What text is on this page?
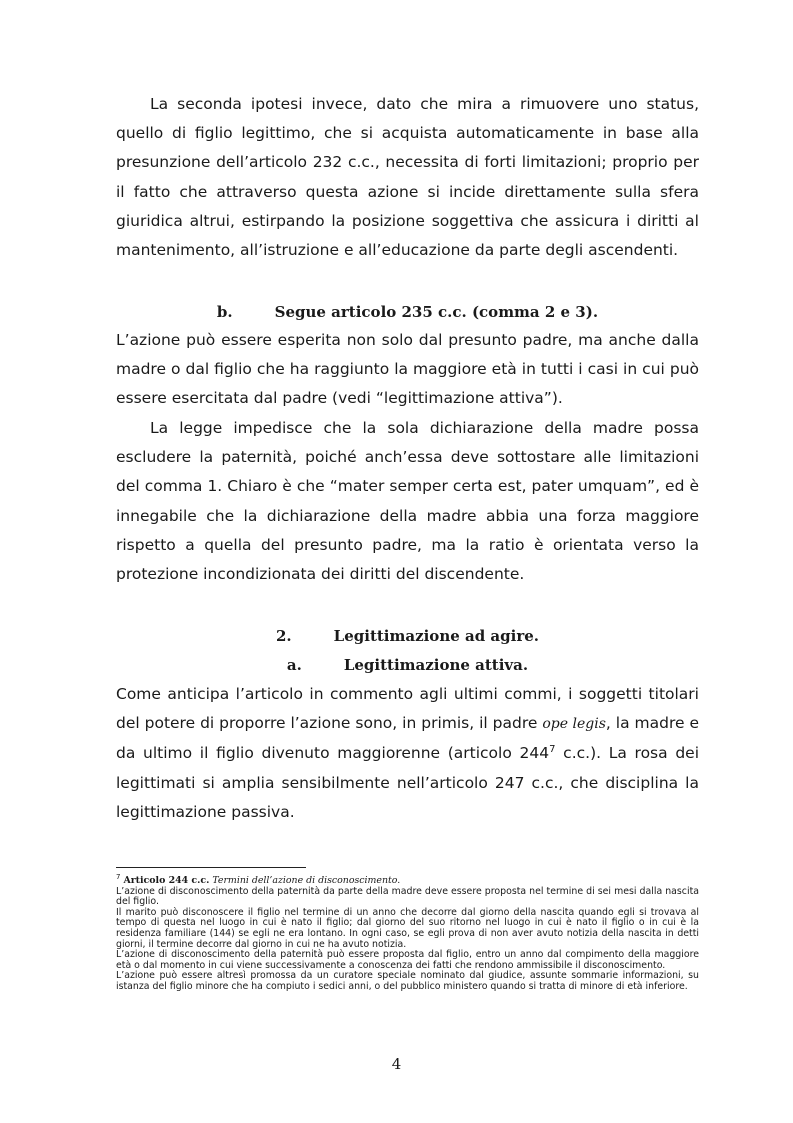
La seconda ipotesi invece, dato che mira a rimuovere uno status, quello di figlio legittimo, che si acquista automaticamente in base alla presunzione dell’articolo 232 c.c., necessita di forti limitazioni; proprio per il fatto che attraverso questa azione si incide direttamente sulla sfera giuridica altrui, estirpando la posizione soggettiva che assicura i diritti al mantenimento, all’istruzione e all’educazione da parte degli ascendenti.

b.	Segue articolo 235 c.c. (comma 2 e 3).

L’azione può essere esperita non solo dal presunto padre, ma anche dalla madre o dal figlio che ha raggiunto la maggiore età in tutti i casi in cui può essere esercitata dal padre (vedi “legittimazione attiva”).

La legge impedisce che la sola dichiarazione della madre possa escludere la paternità, poiché anch’essa deve sottostare alle limitazioni del comma 1. Chiaro è che “mater semper certa est, pater umquam”, ed è innegabile che la dichiarazione della madre abbia una forza maggiore rispetto a quella del presunto padre, ma la ratio è orientata verso la protezione incondizionata dei diritti del discendente.

2.	Legittimazione ad agire.
a.	Legittimazione attiva.

Come anticipa l’articolo in commento agli ultimi commi, i soggetti titolari del potere di proporre l’azione sono, in primis, il padre ope legis, la madre e da ultimo il figlio divenuto maggiorenne (articolo 244$^7$ c.c.). La rosa dei legittimati si amplia sensibilmente nell’articolo 247 c.c., che disciplina la legittimazione passiva.

$^7$ Articolo 244 c.c. Termini dell’azione di disconoscimento.

L’azione di disconoscimento della paternità da parte della madre deve essere proposta nel termine di sei mesi dalla nascita del figlio.

Il marito può disconoscere il figlio nel termine di un anno che decorre dal giorno della nascita quando egli si trovava al tempo di questa nel luogo in cui è nato il figlio; dal giorno del suo ritorno nel luogo in cui è nato il figlio o in cui è la residenza familiare (144) se egli ne era lontano. In ogni caso, se egli prova di non aver avuto notizia della nascita in detti giorni, il termine decorre dal giorno in cui ne ha avuto notizia.

L’azione di disconoscimento della paternità può essere proposta dal figlio, entro un anno dal compimento della maggiore età o dal momento in cui viene successivamente a conoscenza dei fatti che rendono ammissibile il disconoscimento.

L’azione può essere altresì promossa da un curatore speciale nominato dal giudice, assunte sommarie informazioni, su istanza del figlio minore che ha compiuto i sedici anni, o del pubblico ministero quando si tratta di minore di età inferiore.

4
